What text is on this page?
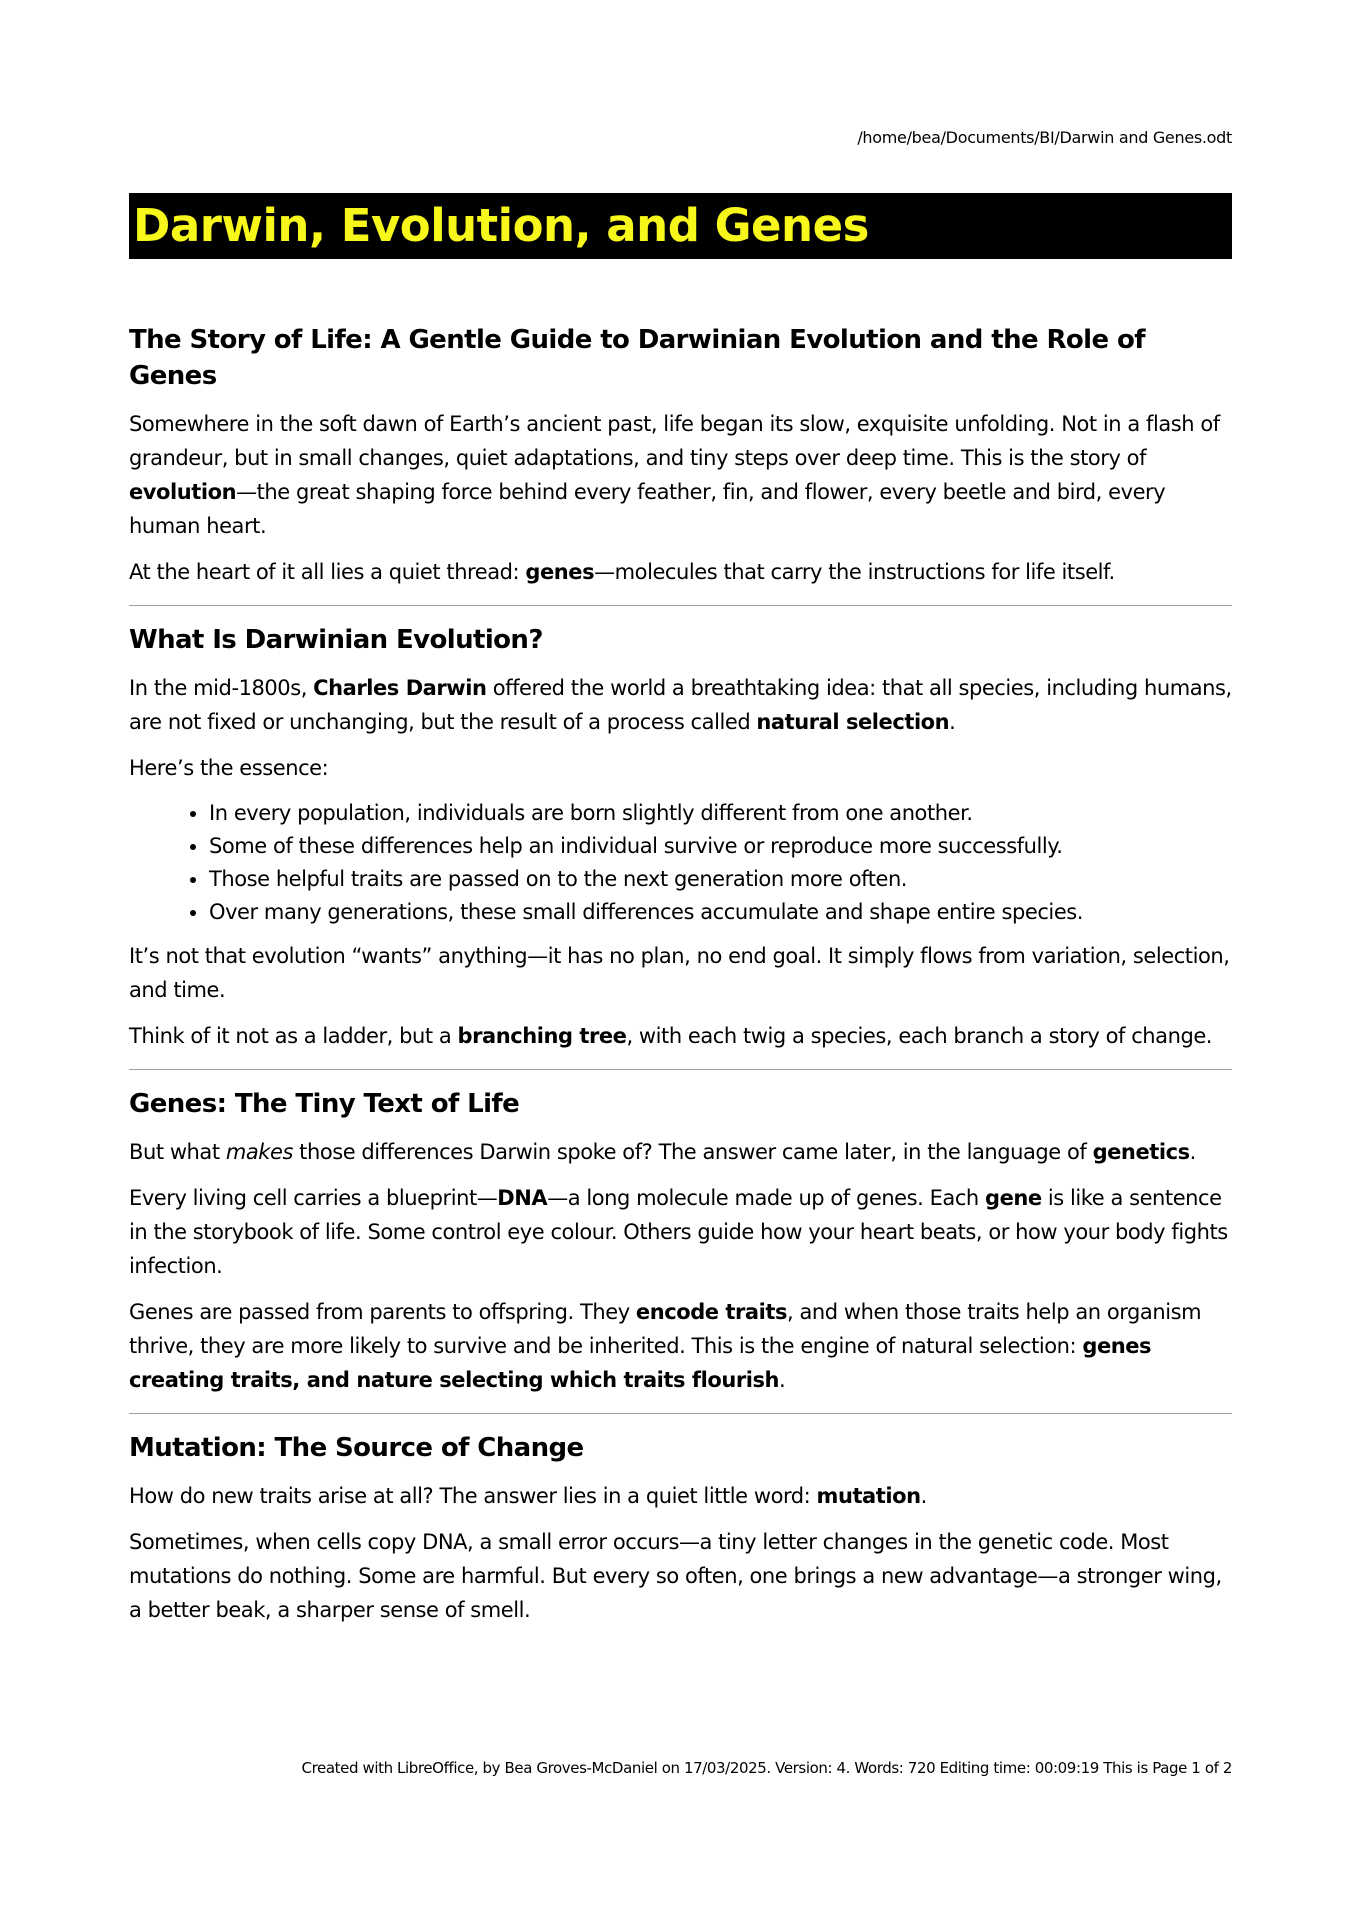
/home/bea/Documents/BI/Darwin and Genes.odt
Darwin, Evolution, and Genes
The Story of Life: A Gentle Guide to Darwinian Evolution and the Role of Genes

Somewhere in the soft dawn of Earth’s ancient past, life began its slow, exquisite unfolding. Not in a flash of grandeur, but in small changes, quiet adaptations, and tiny steps over deep time. This is the story of evolution—the great shaping force behind every feather, fin, and flower, every beetle and bird, every human heart.

At the heart of it all lies a quiet thread: genes—molecules that carry the instructions for life itself.

What Is Darwinian Evolution?

In the mid-1800s, Charles Darwin offered the world a breathtaking idea: that all species, including humans, are not fixed or unchanging, but the result of a process called natural selection.

Here’s the essence:

• In every population, individuals are born slightly different from one another.
• Some of these differences help an individual survive or reproduce more successfully.
• Those helpful traits are passed on to the next generation more often.
• Over many generations, these small differences accumulate and shape entire species.

It’s not that evolution “wants” anything—it has no plan, no end goal. It simply flows from variation, selection, and time.

Think of it not as a ladder, but a branching tree, with each twig a species, each branch a story of change.

Genes: The Tiny Text of Life

But what makes those differences Darwin spoke of? The answer came later, in the language of genetics.

Every living cell carries a blueprint—DNA—a long molecule made up of genes. Each gene is like a sentence in the storybook of life. Some control eye colour. Others guide how your heart beats, or how your body fights infection.

Genes are passed from parents to offspring. They encode traits, and when those traits help an organism thrive, they are more likely to survive and be inherited. This is the engine of natural selection: genes creating traits, and nature selecting which traits flourish.

Mutation: The Source of Change

How do new traits arise at all? The answer lies in a quiet little word: mutation.

Sometimes, when cells copy DNA, a small error occurs—a tiny letter changes in the genetic code. Most mutations do nothing. Some are harmful. But every so often, one brings a new advantage—a stronger wing, a better beak, a sharper sense of smell.

Created with LibreOffice, by Bea Groves-McDaniel on 17/03/2025. Version: 4. Words: 720 Editing time: 00:09:19 This is Page 1 of 2
